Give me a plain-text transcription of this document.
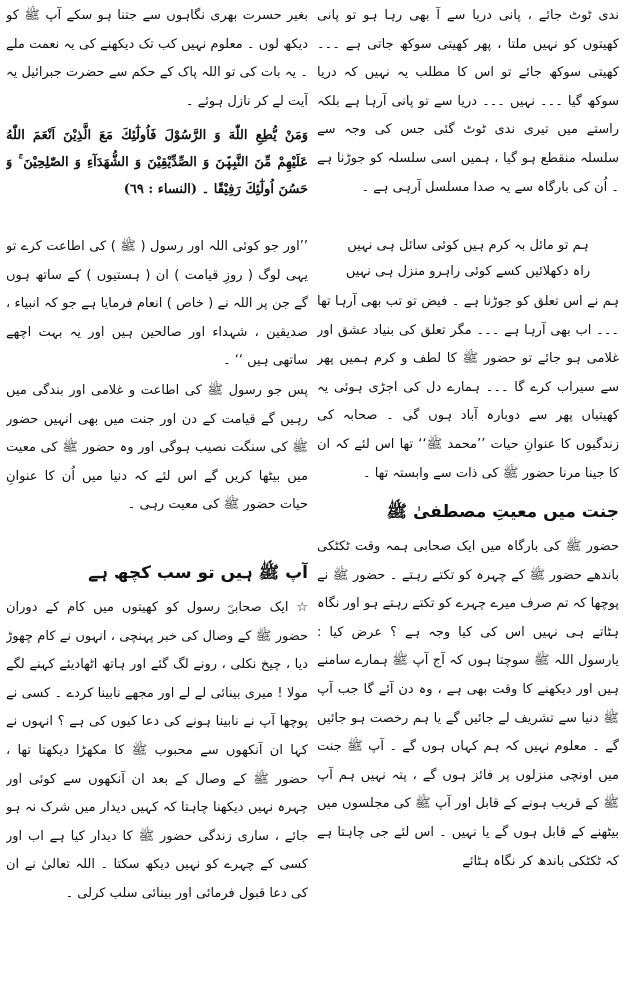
ندی ٹوٹ جائے ، پانی دریا سے آ بھی رہا ہو تو پانی کھیتوں کو نہیں ملتا ، پھر کھیتی سوکھ جاتی ہے ۔۔۔ کھیتی سوکھ جائے تو اس کا مطلب یہ نہیں کہ دریا سوکھ گیا ۔۔۔ نہیں ۔۔۔ دریا سے تو پانی آرہا ہے بلکہ راستے میں تیری ندی ٹوٹ گئی جس کی وجہ سے سلسلہ منقطع ہو گیا ، ہمیں اسی سلسلہ کو جوڑنا ہے ۔ اُن کی بارگاہ سے یہ صدا مسلسل آرہی ہے ۔

ہم تو مائل بہ کرم ہیں کوئی سائل ہی نہیں

راہ دکھلائیں کسے کوئی راہرو منزل ہی نہیں

ہم نے اس تعلق کو جوڑنا ہے ۔ فیض تو تب بھی آرہا تھا ۔۔۔ اب بھی آرہا ہے ۔۔۔ مگر تعلق کی بنیاد عشق اور غلامی ہو جائے تو حضور ﷺ کا لطف و کرم ہمیں پھر سے سیراب کرے گا ۔۔۔ ہمارے دل کی اجڑی ہوئی یہ کھیتیاں پھر سے دوبارہ آباد ہوں گی ۔ صحابہ کی زندگیوں کا عنوانِ حیات ’’محمد ﷺ‘‘ تھا اس لئے کہ ان کا جینا مرنا حضور ﷺ کی ذات سے وابستہ تھا ۔

جنت میں معیتِ مصطفیٰ ﷺ

حضور ﷺ کی بارگاہ میں ایک صحابی ہمہ وقت ٹکٹکی باندھے حضور ﷺ کے چہرہ کو تکتے رہتے ۔ حضور ﷺ نے پوچھا کہ تم صرف میرے چہرے کو تکتے رہتے ہو اور نگاہ ہٹاتے ہی نہیں اس کی کیا وجہ ہے ؟ عرض کیا : یارسول اللہ ﷺ سوچتا ہوں کہ آج آپ ﷺ ہمارے سامنے ہیں اور دیکھنے کا وقت بھی ہے ، وہ دن آئے گا جب آپ ﷺ دنیا سے تشریف لے جائیں گے یا ہم رخصت ہو جائیں گے ۔ معلوم نہیں کہ ہم کہاں ہوں گے ۔ آپ ﷺ جنت میں اونچی منزلوں پر فائز ہوں گے ، پتہ نہیں ہم آپ ﷺ کے قریب ہونے کے قابل اور آپ ﷺ کی مجلسوں میں بیٹھنے کے قابل ہوں گے یا نہیں ۔ اس لئے جی چاہتا ہے کہ ٹکٹکی باندھ کر نگاہ ہٹائے

بغیر حسرت بھری نگاہوں سے جتنا ہو سکے آپ ﷺ کو دیکھ لوں ۔ معلوم نہیں کب تک دیکھنے کی یہ نعمت ملے ۔ یہ بات کی تو اللہ پاک کے حکم سے حضرت جبرائیل یہ آیت لے کر نازل ہوئے ۔

وَمَنْ يُّطِعِ اللّٰهَ وَ الرَّسُوْلَ فَاُولٰٓئِكَ مَعَ الَّذِيْنَ اَنْعَمَ اللّٰهُ عَلَيْهِمْ مِّنَ النَّبِيّٖنَ وَ الصِّدِّيْقِيْنَ وَ الشُّهَدَآءِ وَ الصّٰلِحِيْنَ ۚ وَ حَسُنَ اُولٰٓئِكَ رَفِيْقًا ۔ (النساء : ٦٩)

’’اور جو کوئی اللہ اور رسول ( ﷺ ) کی اطاعت کرے تو یہی لوگ ( روزِ قیامت ) ان ( ہستیوں ) کے ساتھ ہوں گے جن پر اللہ نے ( خاص ) انعام فرمایا ہے جو کہ انبیاء ، صدیقین ، شہداء اور صالحین ہیں اور یہ بہت اچھے ساتھی ہیں ‘‘ ۔

پس جو رسول ﷺ کی اطاعت و غلامی اور بندگی میں رہیں گے قیامت کے دن اور جنت میں بھی انہیں حضور ﷺ کی سنگت نصیب ہوگی اور وہ حضور ﷺ کی معیت میں بیٹھا کریں گے اس لئے کہ دنیا میں اُن کا عنوانِ حیات حضور ﷺ کی معیت رہی ۔

آپ ﷺ ہیں تو سب کچھ ہے

☆ ایک صحابیؓ رسول کو کھیتوں میں کام کے دوران حضور ﷺ کے وصال کی خبر پہنچی ، انہوں نے کام چھوڑ دیا ، چیخ نکلی ، رونے لگ گئے اور ہاتھ اٹھادیئے کہنے لگے مولا ! میری بینائی لے لے اور مجھے نابینا کردے ۔ کسی نے پوچھا آپ نے نابینا ہونے کی دعا کیوں کی ہے ؟ انہوں نے کہا ان آنکھوں سے محبوب ﷺ کا مکھڑا دیکھتا تھا ، حضور ﷺ کے وصال کے بعد ان آنکھوں سے کوئی اور چہرہ نہیں دیکھنا چاہتا کہ کہیں دیدار میں شرک نہ ہو جائے ، ساری زندگی حضور ﷺ کا دیدار کیا ہے اب اور کسی کے چہرے کو نہیں دیکھ سکتا ۔ اللہ تعالیٰ نے ان کی دعا قبول فرمائی اور بینائی سلب کرلی ۔
